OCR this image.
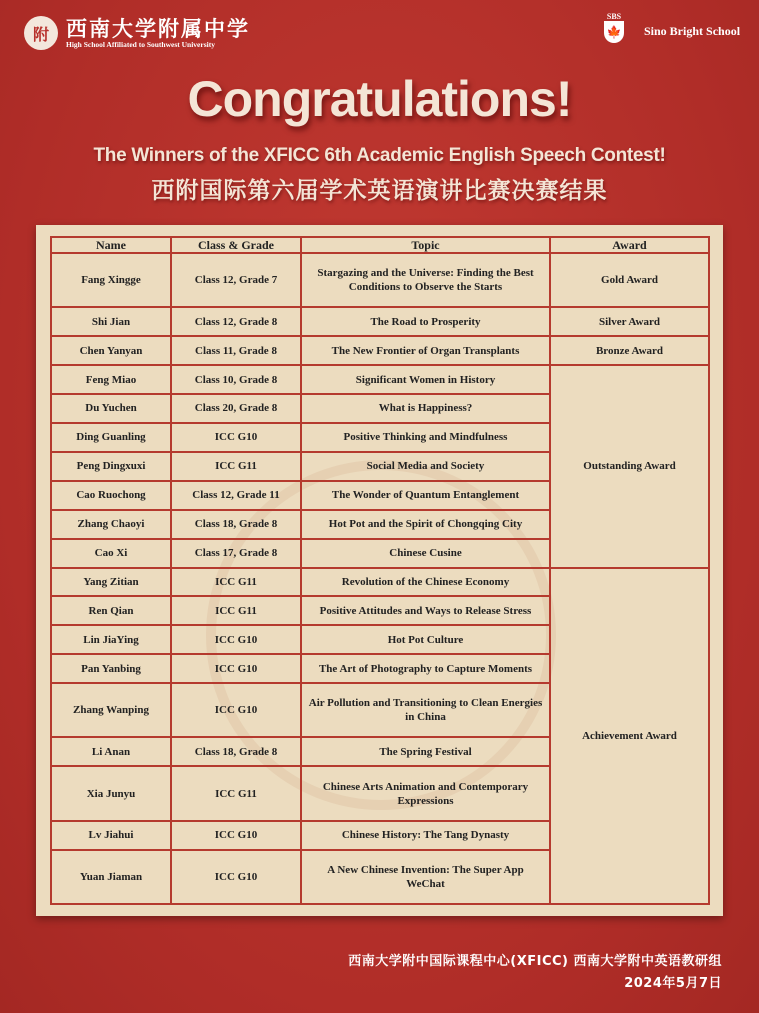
附 西南大学附属中学
High School Affiliated to Southwest University
SBS
🍁 Sino Bright School
Congratulations!
The Winners of the XFICC 6th Academic English Speech Contest!
西附国际第六届学术英语演讲比赛决赛结果
Name	Class & Grade	Topic	Award
Fang Xingge	Class 12, Grade 7	Stargazing and the Universe: Finding the Best Conditions to Observe the Starts	Gold Award
Shi Jian	Class 12, Grade 8	The Road to Prosperity	Silver Award
Chen Yanyan	Class 11, Grade 8	The New Frontier of Organ Transplants	Bronze Award
Feng Miao	Class 10, Grade 8	Significant Women in History	Outstanding Award
Du Yuchen	Class 20, Grade 8	What is Happiness?	
Ding Guanling	ICC G10	Positive Thinking and Mindfulness	
Peng Dingxuxi	ICC G11	Social Media and Society	
Cao Ruochong	Class 12, Grade 11	The Wonder of Quantum Entanglement	
Zhang Chaoyi	Class 18, Grade 8	Hot Pot and the Spirit of Chongqing City	
Cao Xi	Class 17, Grade 8	Chinese Cusine	
Yang Zitian	ICC G11	Revolution of the Chinese Economy	Achievement Award
Ren Qian	ICC G11	Positive Attitudes and Ways to Release Stress	
Lin JiaYing	ICC G10	Hot Pot Culture	
Pan Yanbing	ICC G10	The Art of Photography to Capture Moments	
Zhang Wanping	ICC G10	Air Pollution and Transitioning to Clean Energies in China	
Li Anan	Class 18, Grade 8	The Spring Festival	
Xia Junyu	ICC G11	Chinese Arts Animation and Contemporary Expressions	
Lv Jiahui	ICC G10	Chinese History: The Tang Dynasty	
Yuan Jiaman	ICC G10	A New Chinese Invention: The Super App WeChat	
西南大学附中国际课程中心(XFICC) 西南大学附中英语教研组
2024年5月7日
